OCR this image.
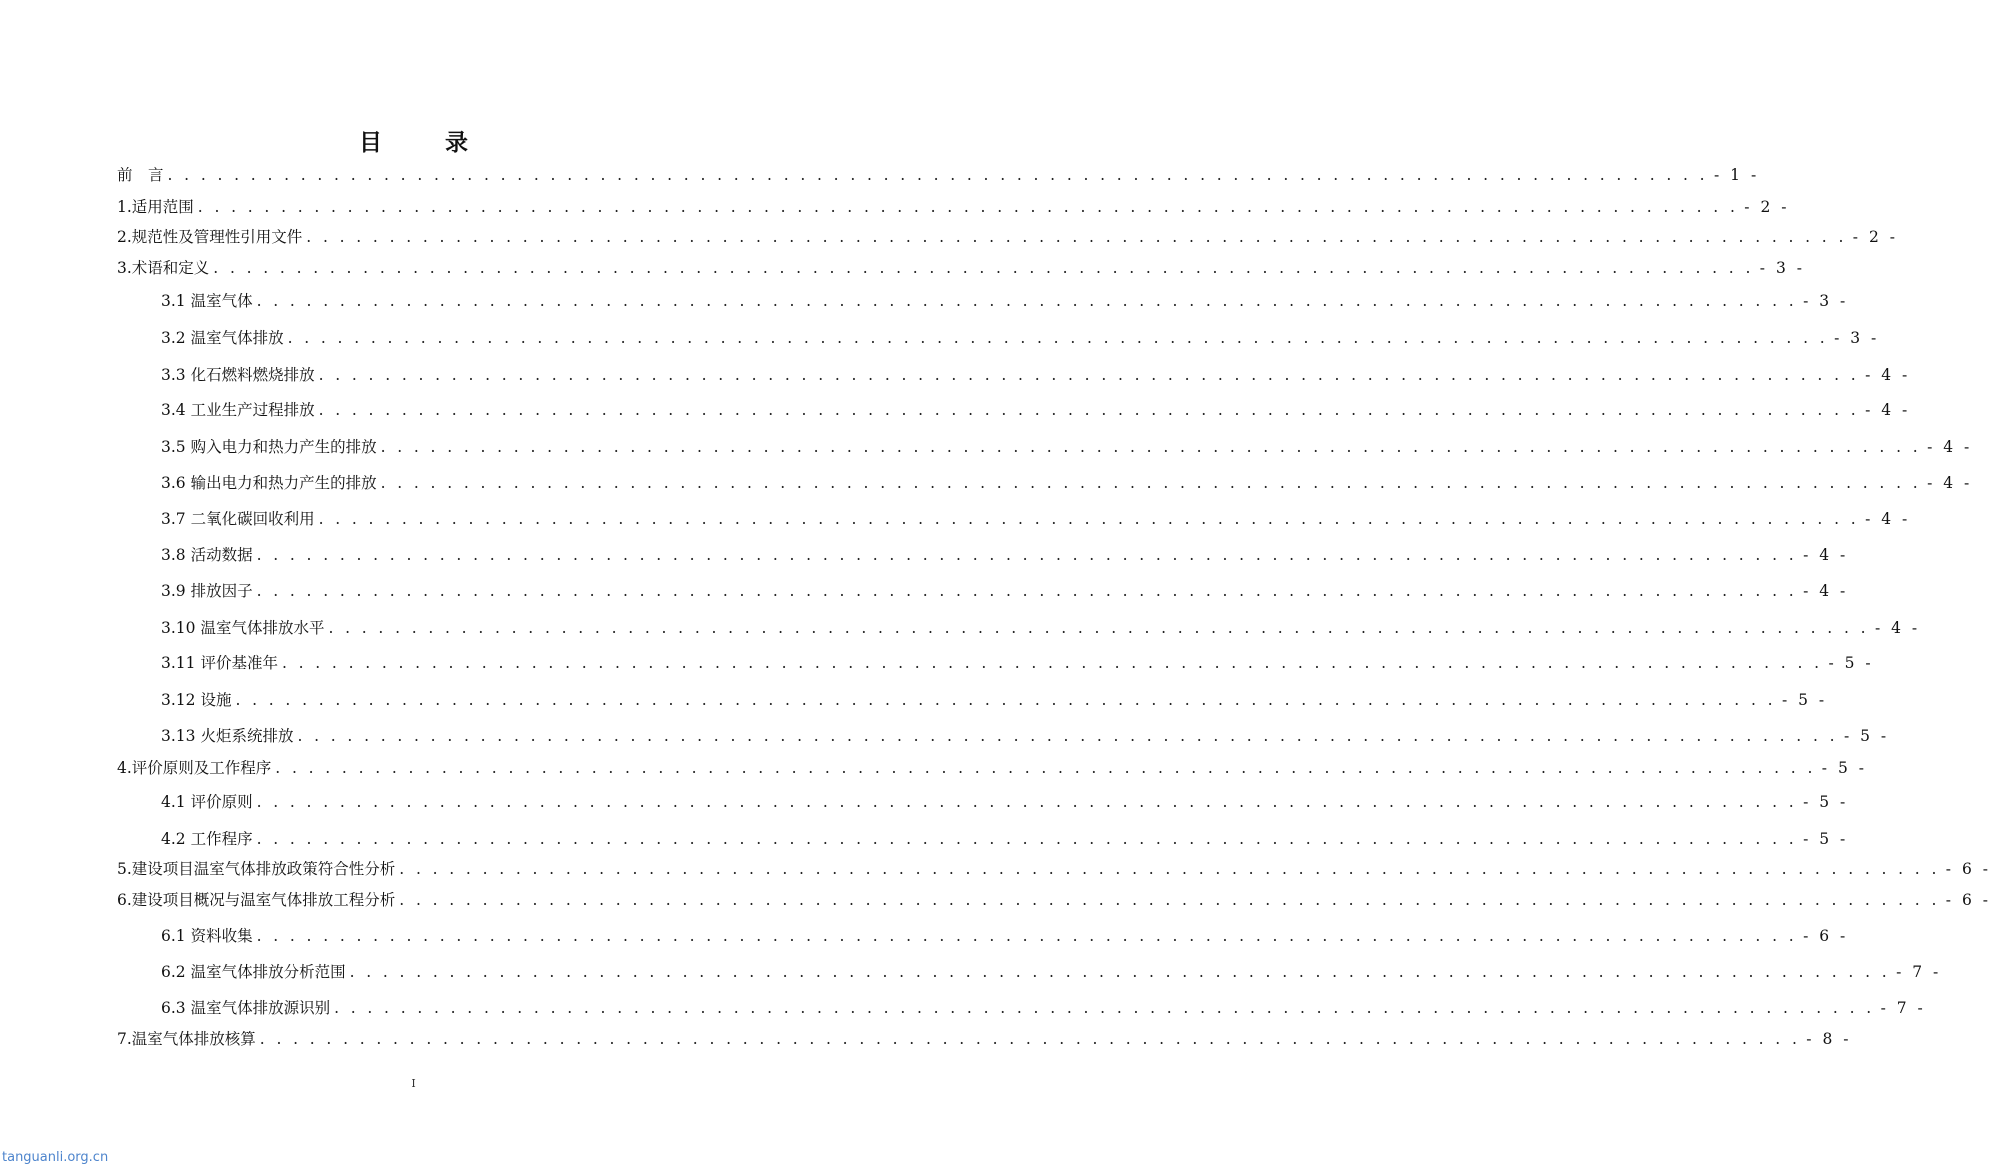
目　录
前　言 . . . . . . . . . . . . . . . . . . . . . . . . . . . . . . . . . . . . . . . . . . . . . . . . . . . . . . . . . . . . . . . . . . . . . . . . . . . . . . . . . . . . . . . . . . . . . - 1 -
1.适用范围 . . . . . . . . . . . . . . . . . . . . . . . . . . . . . . . . . . . . . . . . . . . . . . . . . . . . . . . . . . . . . . . . . . . . . . . . . . . . . . . . . . . . . . . . . . . . . - 2 -
2.规范性及管理性引用文件 . . . . . . . . . . . . . . . . . . . . . . . . . . . . . . . . . . . . . . . . . . . . . . . . . . . . . . . . . . . . . . . . . . . . . . . . . . . . . . . . . . . . . . . . . . . . . - 2 -
3.术语和定义 . . . . . . . . . . . . . . . . . . . . . . . . . . . . . . . . . . . . . . . . . . . . . . . . . . . . . . . . . . . . . . . . . . . . . . . . . . . . . . . . . . . . . . . . . . . . . - 3 -
3.1 温室气体 . . . . . . . . . . . . . . . . . . . . . . . . . . . . . . . . . . . . . . . . . . . . . . . . . . . . . . . . . . . . . . . . . . . . . . . . . . . . . . . . . . . . . . . . . . . . . - 3 -
3.2 温室气体排放 . . . . . . . . . . . . . . . . . . . . . . . . . . . . . . . . . . . . . . . . . . . . . . . . . . . . . . . . . . . . . . . . . . . . . . . . . . . . . . . . . . . . . . . . . . . . . - 3 -
3.3 化石燃料燃烧排放 . . . . . . . . . . . . . . . . . . . . . . . . . . . . . . . . . . . . . . . . . . . . . . . . . . . . . . . . . . . . . . . . . . . . . . . . . . . . . . . . . . . . . . . . . . . . . - 4 -
3.4 工业生产过程排放 . . . . . . . . . . . . . . . . . . . . . . . . . . . . . . . . . . . . . . . . . . . . . . . . . . . . . . . . . . . . . . . . . . . . . . . . . . . . . . . . . . . . . . . . . . . . . - 4 -
3.5 购入电力和热力产生的排放 . . . . . . . . . . . . . . . . . . . . . . . . . . . . . . . . . . . . . . . . . . . . . . . . . . . . . . . . . . . . . . . . . . . . . . . . . . . . . . . . . . . . . . . . . . . . . - 4 -
3.6 输出电力和热力产生的排放 . . . . . . . . . . . . . . . . . . . . . . . . . . . . . . . . . . . . . . . . . . . . . . . . . . . . . . . . . . . . . . . . . . . . . . . . . . . . . . . . . . . . . . . . . . . . . - 4 -
3.7 二氧化碳回收利用 . . . . . . . . . . . . . . . . . . . . . . . . . . . . . . . . . . . . . . . . . . . . . . . . . . . . . . . . . . . . . . . . . . . . . . . . . . . . . . . . . . . . . . . . . . . . . - 4 -
3.8 活动数据 . . . . . . . . . . . . . . . . . . . . . . . . . . . . . . . . . . . . . . . . . . . . . . . . . . . . . . . . . . . . . . . . . . . . . . . . . . . . . . . . . . . . . . . . . . . . . - 4 -
3.9 排放因子 . . . . . . . . . . . . . . . . . . . . . . . . . . . . . . . . . . . . . . . . . . . . . . . . . . . . . . . . . . . . . . . . . . . . . . . . . . . . . . . . . . . . . . . . . . . . . - 4 -
3.10 温室气体排放水平 . . . . . . . . . . . . . . . . . . . . . . . . . . . . . . . . . . . . . . . . . . . . . . . . . . . . . . . . . . . . . . . . . . . . . . . . . . . . . . . . . . . . . . . . . . . . . - 4 -
3.11 评价基准年 . . . . . . . . . . . . . . . . . . . . . . . . . . . . . . . . . . . . . . . . . . . . . . . . . . . . . . . . . . . . . . . . . . . . . . . . . . . . . . . . . . . . . . . . . . . . . - 5 -
3.12 设施 . . . . . . . . . . . . . . . . . . . . . . . . . . . . . . . . . . . . . . . . . . . . . . . . . . . . . . . . . . . . . . . . . . . . . . . . . . . . . . . . . . . . . . . . . . . . . - 5 -
3.13 火炬系统排放 . . . . . . . . . . . . . . . . . . . . . . . . . . . . . . . . . . . . . . . . . . . . . . . . . . . . . . . . . . . . . . . . . . . . . . . . . . . . . . . . . . . . . . . . . . . . . - 5 -
4.评价原则及工作程序 . . . . . . . . . . . . . . . . . . . . . . . . . . . . . . . . . . . . . . . . . . . . . . . . . . . . . . . . . . . . . . . . . . . . . . . . . . . . . . . . . . . . . . . . . . . . . - 5 -
4.1 评价原则 . . . . . . . . . . . . . . . . . . . . . . . . . . . . . . . . . . . . . . . . . . . . . . . . . . . . . . . . . . . . . . . . . . . . . . . . . . . . . . . . . . . . . . . . . . . . . - 5 -
4.2 工作程序 . . . . . . . . . . . . . . . . . . . . . . . . . . . . . . . . . . . . . . . . . . . . . . . . . . . . . . . . . . . . . . . . . . . . . . . . . . . . . . . . . . . . . . . . . . . . . - 5 -
5.建设项目温室气体排放政策符合性分析 . . . . . . . . . . . . . . . . . . . . . . . . . . . . . . . . . . . . . . . . . . . . . . . . . . . . . . . . . . . . . . . . . . . . . . . . . . . . . . . . . . . . . . . . . . . . . - 6 -
6.建设项目概况与温室气体排放工程分析 . . . . . . . . . . . . . . . . . . . . . . . . . . . . . . . . . . . . . . . . . . . . . . . . . . . . . . . . . . . . . . . . . . . . . . . . . . . . . . . . . . . . . . . . . . . . . - 6 -
6.1 资料收集 . . . . . . . . . . . . . . . . . . . . . . . . . . . . . . . . . . . . . . . . . . . . . . . . . . . . . . . . . . . . . . . . . . . . . . . . . . . . . . . . . . . . . . . . . . . . . - 6 -
6.2 温室气体排放分析范围 . . . . . . . . . . . . . . . . . . . . . . . . . . . . . . . . . . . . . . . . . . . . . . . . . . . . . . . . . . . . . . . . . . . . . . . . . . . . . . . . . . . . . . . . . . . . . - 7 -
6.3 温室气体排放源识别 . . . . . . . . . . . . . . . . . . . . . . . . . . . . . . . . . . . . . . . . . . . . . . . . . . . . . . . . . . . . . . . . . . . . . . . . . . . . . . . . . . . . . . . . . . . . . - 7 -
7.温室气体排放核算 . . . . . . . . . . . . . . . . . . . . . . . . . . . . . . . . . . . . . . . . . . . . . . . . . . . . . . . . . . . . . . . . . . . . . . . . . . . . . . . . . . . . . . . . . . . . . - 8 -
I
tanguanli.org.cn
